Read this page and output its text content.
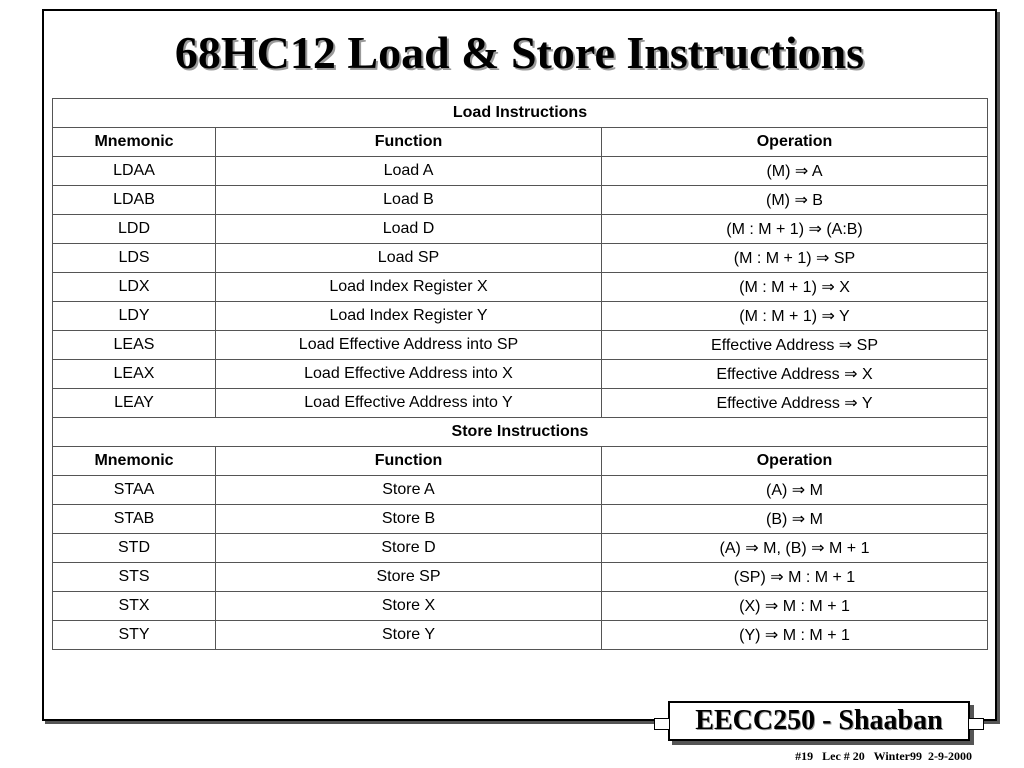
68HC12 Load & Store Instructions
Load Instructions		
Mnemonic	Function	Operation
LDAA	Load A	(M) ⇒ A
LDAB	Load B	(M) ⇒ B
LDD	Load D	(M : M + 1) ⇒ (A:B)
LDS	Load SP	(M : M + 1) ⇒ SP
LDX	Load Index Register X	(M : M + 1) ⇒ X
LDY	Load Index Register Y	(M : M + 1) ⇒ Y
LEAS	Load Effective Address into SP	Effective Address ⇒ SP
LEAX	Load Effective Address into X	Effective Address ⇒ X
LEAY	Load Effective Address into Y	Effective Address ⇒ Y
Store Instructions		
Mnemonic	Function	Operation
STAA	Store A	(A) ⇒ M
STAB	Store B	(B) ⇒ M
STD	Store D	(A) ⇒ M, (B) ⇒ M + 1
STS	Store SP	(SP) ⇒ M : M + 1
STX	Store X	(X) ⇒ M : M + 1
STY	Store Y	(Y) ⇒ M : M + 1
EECC250 - Shaaban
#19   Lec # 20   Winter99  2-9-2000
